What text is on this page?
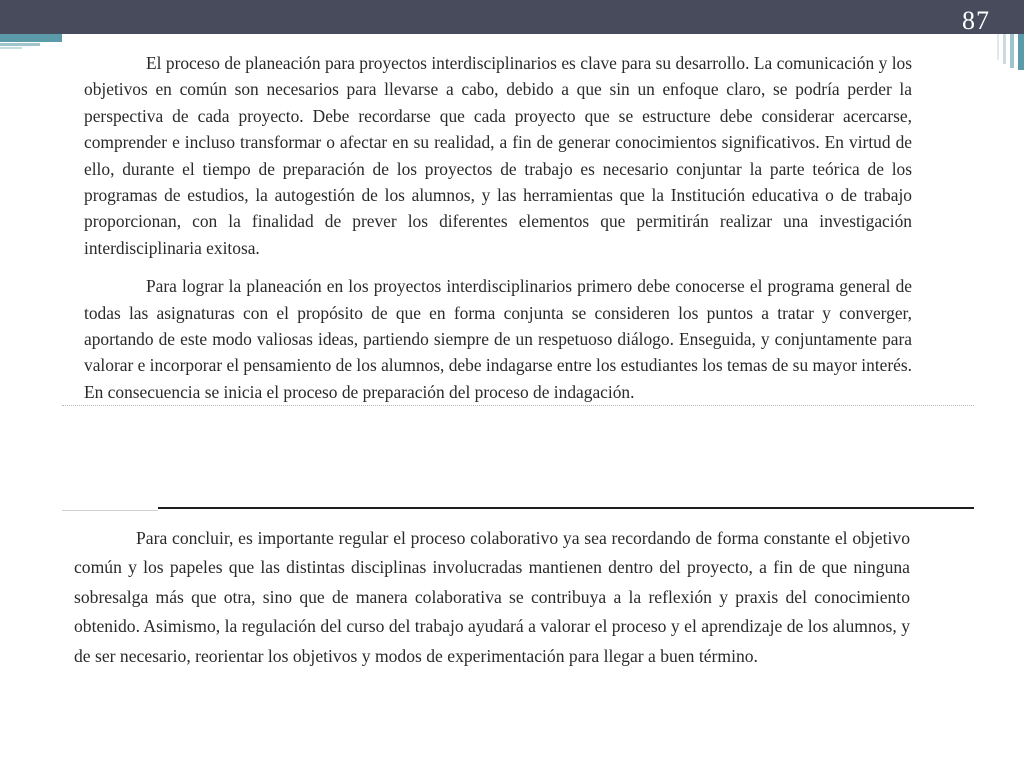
87

El proceso de planeación para proyectos interdisciplinarios es clave para su desarrollo. La comunicación y los objetivos en común son necesarios para llevarse a cabo, debido a que sin un enfoque claro, se podría perder la perspectiva de cada proyecto. Debe recordarse que cada proyecto que se estructure debe considerar acercarse, comprender e incluso transformar o afectar en su realidad, a fin de generar conocimientos significativos. En virtud de ello, durante el tiempo de preparación de los proyectos de trabajo es necesario conjuntar la parte teórica de los programas de estudios, la autogestión de los alumnos, y las herramientas que la Institución educativa o de trabajo proporcionan, con la finalidad de prever los diferentes elementos que permitirán realizar una investigación interdisciplinaria exitosa.

Para lograr la planeación en los proyectos interdisciplinarios primero debe conocerse el programa general de todas las asignaturas con el propósito de que en forma conjunta se consideren los puntos a tratar y converger, aportando de este modo valiosas ideas, partiendo siempre de un respetuoso diálogo. Enseguida, y conjuntamente para valorar e incorporar el pensamiento de los alumnos, debe indagarse entre los estudiantes los temas de su mayor interés. En consecuencia se inicia el proceso de preparación del proceso de indagación.

Para concluir, es importante regular el proceso colaborativo ya sea recordando de forma constante el objetivo común y los papeles que las distintas disciplinas involucradas mantienen dentro del proyecto, a fin de que ninguna sobresalga más que otra, sino que de manera colaborativa se contribuya a la reflexión y praxis del conocimiento obtenido. Asimismo, la regulación del curso del trabajo ayudará a valorar el proceso y el aprendizaje de los alumnos, y de ser necesario, reorientar los objetivos y modos de experimentación para llegar a buen término.
